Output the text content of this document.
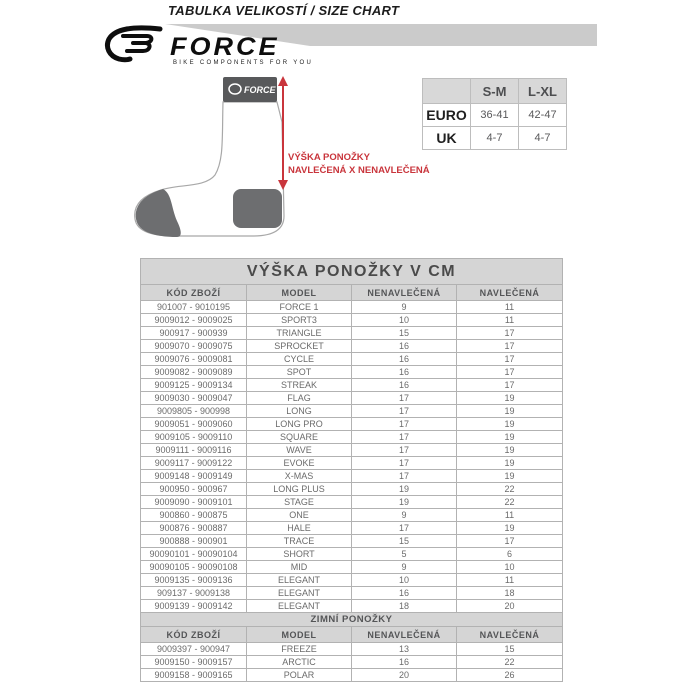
TABULKA VELIKOSTÍ / SIZE CHART
FORCE
BIKE COMPONENTS FOR YOU
FORCE
VÝŠKA PONOŽKY
NAVLEČENÁ X NENAVLEČENÁ
	S-M	L-XL
EURO	36-41	42-47
UK	4-7	4-7
VÝŠKA PONOŽKY V CM			
KÓD ZBOŽÍ	MODEL	NENAVLEČENÁ	NAVLEČENÁ
901007 - 9010195	FORCE 1	9	11
9009012 - 9009025	SPORT3	10	11
900917 - 900939	TRIANGLE	15	17
9009070 - 9009075	SPROCKET	16	17
9009076 - 9009081	CYCLE	16	17
9009082 - 9009089	SPOT	16	17
9009125 - 9009134	STREAK	16	17
9009030 - 9009047	FLAG	17	19
9009805 - 900998	LONG	17	19
9009051 - 9009060	LONG PRO	17	19
9009105 - 9009110	SQUARE	17	19
9009111 - 9009116	WAVE	17	19
9009117 - 9009122	EVOKE	17	19
9009148 - 9009149	X-MAS	17	19
900950 - 900967	LONG PLUS	19	22
9009090 - 9009101	STAGE	19	22
900860 - 900875	ONE	9	11
900876 - 900887	HALE	17	19
900888 - 900901	TRACE	15	17
90090101 - 90090104	SHORT	5	6
90090105 - 90090108	MID	9	10
9009135 - 9009136	ELEGANT	10	11
909137 - 9009138	ELEGANT	16	18
9009139 - 9009142	ELEGANT	18	20
ZIMNÍ PONOŽKY			
KÓD ZBOŽÍ	MODEL	NENAVLEČENÁ	NAVLEČENÁ
9009397 - 900947	FREEZE	13	15
9009150 - 9009157	ARCTIC	16	22
9009158 - 9009165	POLAR	20	26
